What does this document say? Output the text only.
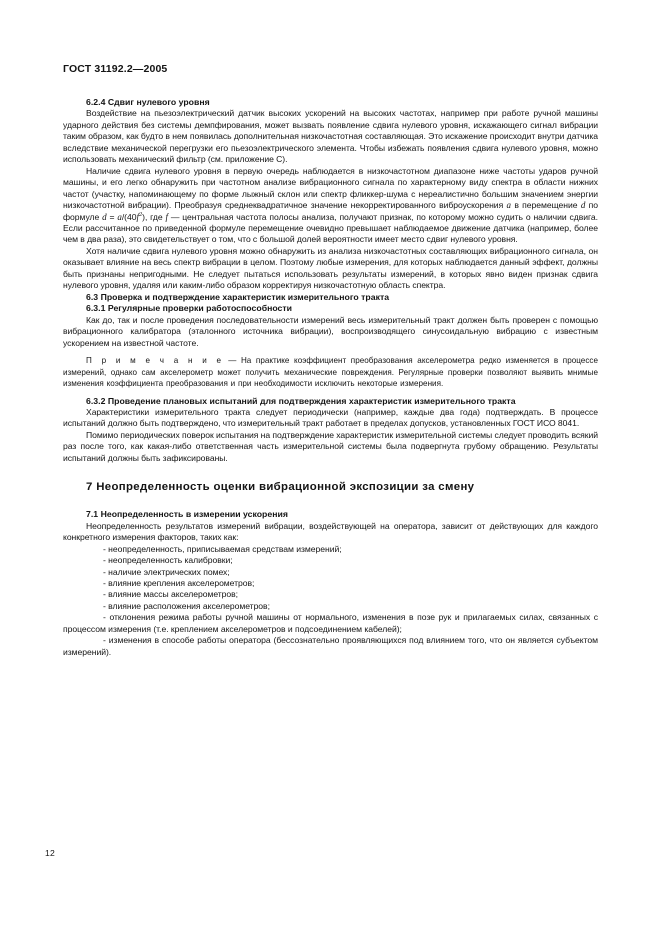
ГОСТ 31192.2—2005
6.2.4 Сдвиг нулевого уровня

Воздействие на пьезоэлектрический датчик высоких ускорений на высоких частотах, например при работе ручной машины ударного действия без системы демпфирования, может вызвать появление сдвига нулевого уровня, искажающего сигнал вибрации таким образом, как будто в нем появилась дополнительная низкочастотная составляющая. Это искажение происходит внутри датчика вследствие механической перегрузки его пьезоэлектрического элемента. Чтобы избежать появления сдвига нулевого уровня, можно использовать механический фильтр (см. приложение С).

Наличие сдвига нулевого уровня в первую очередь наблюдается в низкочастотном диапазоне ниже частоты ударов ручной машины, и его легко обнаружить при частотном анализе вибрационного сигнала по характерному виду спектра в области нижних частот (участку, напоминающему по форме лыжный склон или спектр фликкер-шума с нереалистично большим значением энергии низкочастотной вибрации). Преобразуя среднеквадратичное значение некорректированного виброускорения a в перемещение d по формуле $d = a/(40f^2)$, где f — центральная частота полосы анализа, получают признак, по которому можно судить о наличии сдвига. Если рассчитанное по приведенной формуле перемещение очевидно превышает наблюдаемое движение датчика (например, более чем в два раза), это свидетельствует о том, что с большой долей вероятности имеет место сдвиг нулевого уровня.

Хотя наличие сдвига нулевого уровня можно обнаружить из анализа низкочастотных составляющих вибрационного сигнала, он оказывает влияние на весь спектр вибрации в целом. Поэтому любые измерения, для которых наблюдается данный эффект, должны быть признаны непригодными. Не следует пытаться использовать результаты измерений, в которых явно виден признак сдвига нулевого уровня, удаляя или каким-либо образом корректируя низкочастотную область спектра.

6.3 Проверка и подтверждение характеристик измерительного тракта
6.3.1 Регулярные проверки работоспособности

Как до, так и после проведения последовательности измерений весь измерительный тракт должен быть проверен с помощью вибрационного калибратора (эталонного источника вибрации), воспроизводящего синусоидальную вибрацию с известным ускорением на известной частоте.

П р и м е ч а н и е — На практике коэффициент преобразования акселерометра редко изменяется в процессе измерений, однако сам акселерометр может получить механические повреждения. Регулярные проверки позволяют выявить мнимые изменения коэффициента преобразования и при необходимости исключить некоторые измерения.

6.3.2 Проведение плановых испытаний для подтверждения характеристик измерительного тракта

Характеристики измерительного тракта следует периодически (например, каждые два года) подтверждать. В процессе испытаний должно быть подтверждено, что измерительный тракт работает в пределах допусков, установленных ГОСТ ИСО 8041.

Помимо периодических поверок испытания на подтверждение характеристик измерительной системы следует проводить всякий раз после того, как какая-либо ответственная часть измерительной системы была подвергнута грубому обращению. Результаты испытаний должны быть зафиксированы.

7 Неопределенность оценки вибрационной экспозиции за смену
7.1 Неопределенность в измерении ускорения

Неопределенность результатов измерений вибрации, воздействующей на оператора, зависит от действующих для каждого конкретного измерения факторов, таких как:

- неопределенность, приписываемая средствам измерений;

- неопределенность калибровки;

- наличие электрических помех;

- влияние крепления акселерометров;

- влияние массы акселерометров;

- влияние расположения акселерометров;

- отклонения режима работы ручной машины от нормального, изменения в позе рук и прилагаемых силах, связанных с процессом измерения (т.е. креплением акселерометров и подсоединением кабелей);

- изменения в способе работы оператора (бессознательно проявляющихся под влиянием того, что он является субъектом измерений).

12
